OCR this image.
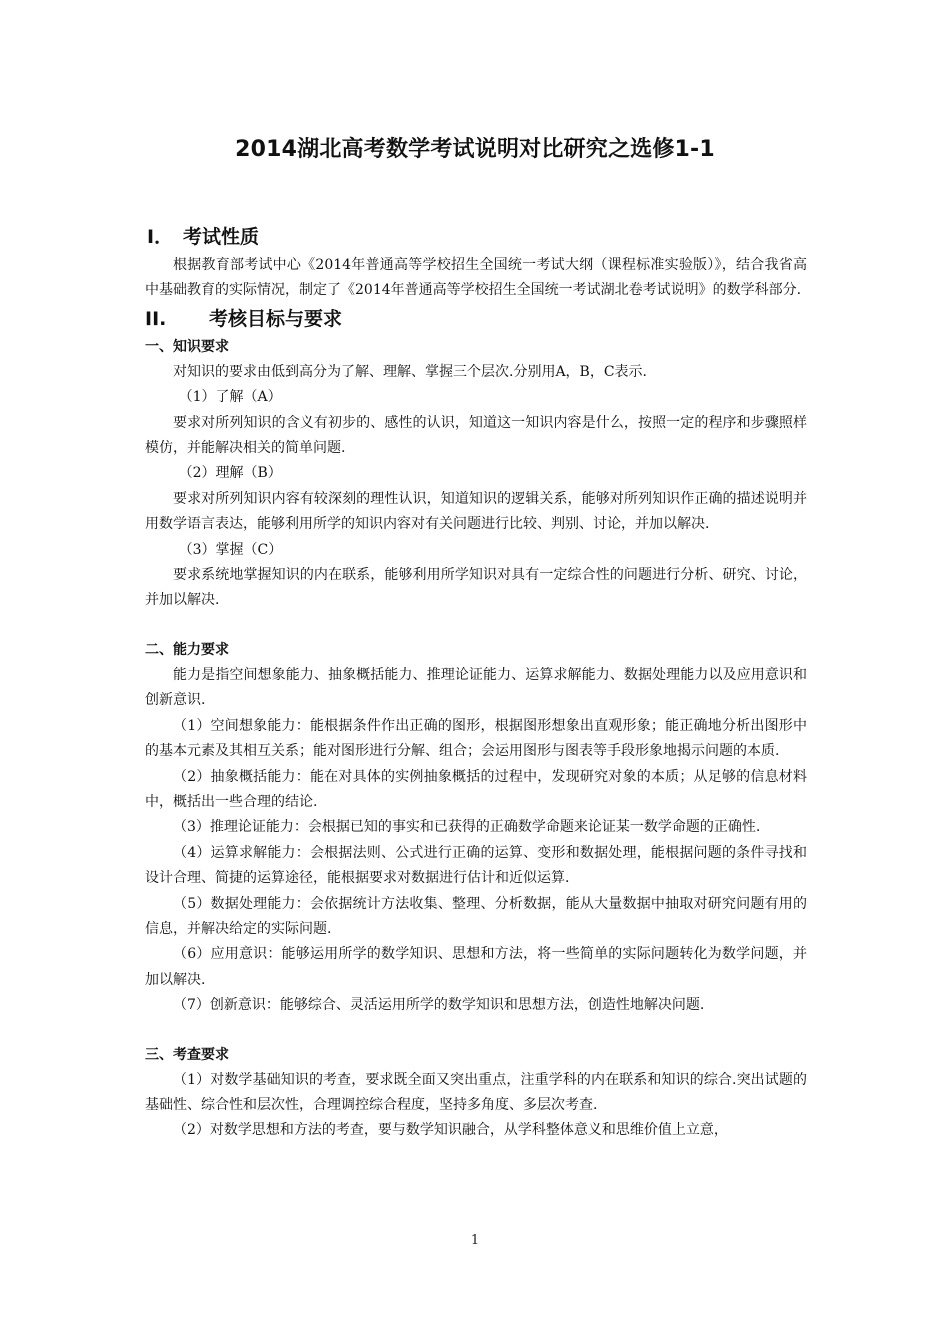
2014湖北高考数学考试说明对比研究之选修1-1
Ⅰ． 考试性质

根据教育部考试中心《2014年普通高等学校招生全国统一考试大纲（课程标准实验版）》，结合我省高中基础教育的实际情况，制定了《2014年普通高等学校招生全国统一考试湖北卷考试说明》的数学科部分.

ΙΙ. 考核目标与要求
一、知识要求

对知识的要求由低到高分为了解、理解、掌握三个层次.分别用A，B，C表示.

（1）了解（A）

要求对所列知识的含义有初步的、感性的认识，知道这一知识内容是什么，按照一定的程序和步骤照样模仿，并能解决相关的简单问题.

（2）理解（B）

要求对所列知识内容有较深刻的理性认识，知道知识的逻辑关系，能够对所列知识作正确的描述说明并用数学语言表达，能够利用所学的知识内容对有关问题进行比较、判别、讨论，并加以解决.

（3）掌握（C）

要求系统地掌握知识的内在联系，能够利用所学知识对具有一定综合性的问题进行分析、研究、讨论，并加以解决.

二、能力要求

能力是指空间想象能力、抽象概括能力、推理论证能力、运算求解能力、数据处理能力以及应用意识和创新意识.

（1）空间想象能力：能根据条件作出正确的图形，根据图形想象出直观形象；能正确地分析出图形中的基本元素及其相互关系；能对图形进行分解、组合；会运用图形与图表等手段形象地揭示问题的本质.

（2）抽象概括能力：能在对具体的实例抽象概括的过程中，发现研究对象的本质；从足够的信息材料中，概括出一些合理的结论.

（3）推理论证能力：会根据已知的事实和已获得的正确数学命题来论证某一数学命题的正确性.

（4）运算求解能力：会根据法则、公式进行正确的运算、变形和数据处理，能根据问题的条件寻找和设计合理、简捷的运算途径，能根据要求对数据进行估计和近似运算.

（5）数据处理能力：会依据统计方法收集、整理、分析数据，能从大量数据中抽取对研究问题有用的信息，并解决给定的实际问题.

（6）应用意识：能够运用所学的数学知识、思想和方法，将一些简单的实际问题转化为数学问题，并加以解决.

（7）创新意识：能够综合、灵活运用所学的数学知识和思想方法，创造性地解决问题.

三、考查要求

（1）对数学基础知识的考查，要求既全面又突出重点，注重学科的内在联系和知识的综合.突出试题的基础性、综合性和层次性，合理调控综合程度，坚持多角度、多层次考查.

（2）对数学思想和方法的考查，要与数学知识融合，从学科整体意义和思维价值上立意，

1
